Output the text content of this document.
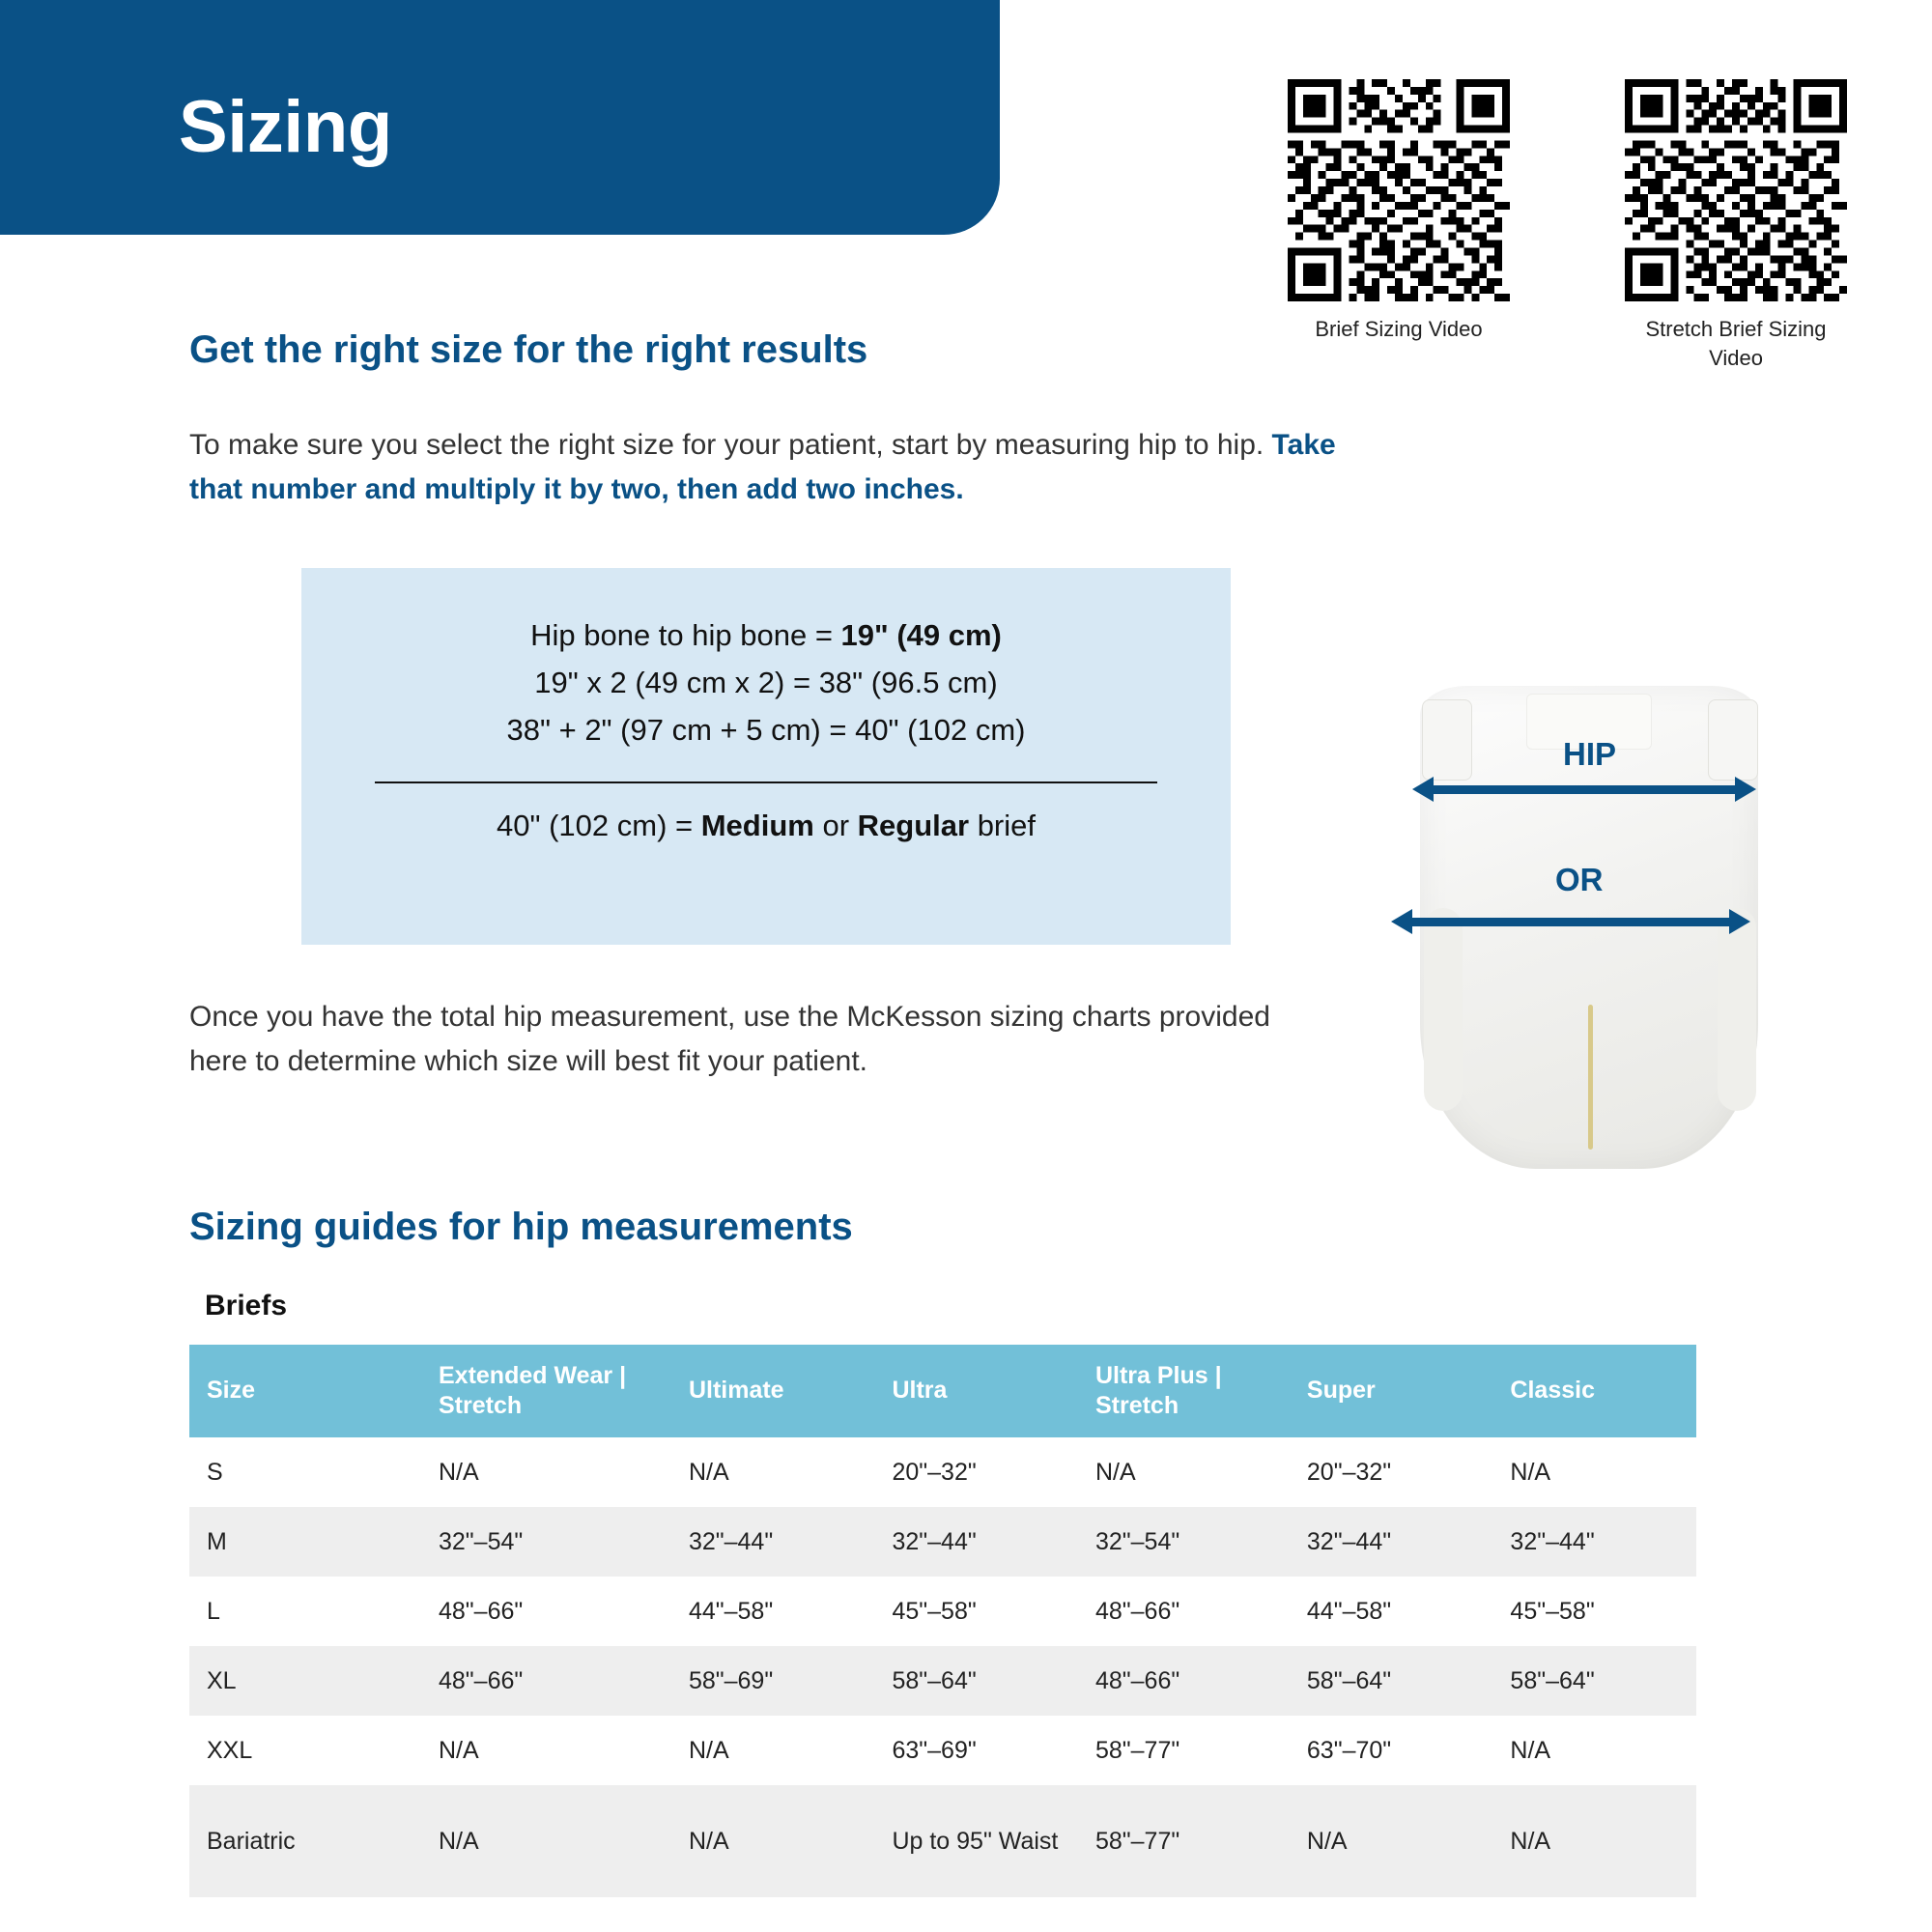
Sizing
Brief Sizing Video	Stretch Brief Sizing Video
Get the right size for the right results
To make sure you select the right size for your patient, start by measuring hip to hip. Take that number and multiply it by two, then add two inches.
Hip bone to hip bone = 19" (49 cm)
19" x 2 (49 cm x 2) = 38" (96.5 cm)
38" + 2" (97 cm + 5 cm) = 40" (102 cm)
40" (102 cm) = Medium or Regular brief
Once you have the total hip measurement, use the McKesson sizing charts provided here to determine which size will best fit your patient.
HIP
OR
Sizing guides for hip measurements
Briefs
Size	Extended Wear | Stretch	Ultimate	Ultra	Ultra Plus | Stretch	Super	Classic
S	N/A	N/A	20"–32"	N/A	20"–32"	N/A
M	32"–54"	32"–44"	32"–44"	32"–54"	32"–44"	32"–44"
L	48"–66"	44"–58"	45"–58"	48"–66"	44"–58"	45"–58"
XL	48"–66"	58"–69"	58"–64"	48"–66"	58"–64"	58"–64"
XXL	N/A	N/A	63"–69"	58"–77"	63"–70"	N/A
Bariatric	N/A	N/A	Up to 95" Waist	58"–77"	N/A	N/A
